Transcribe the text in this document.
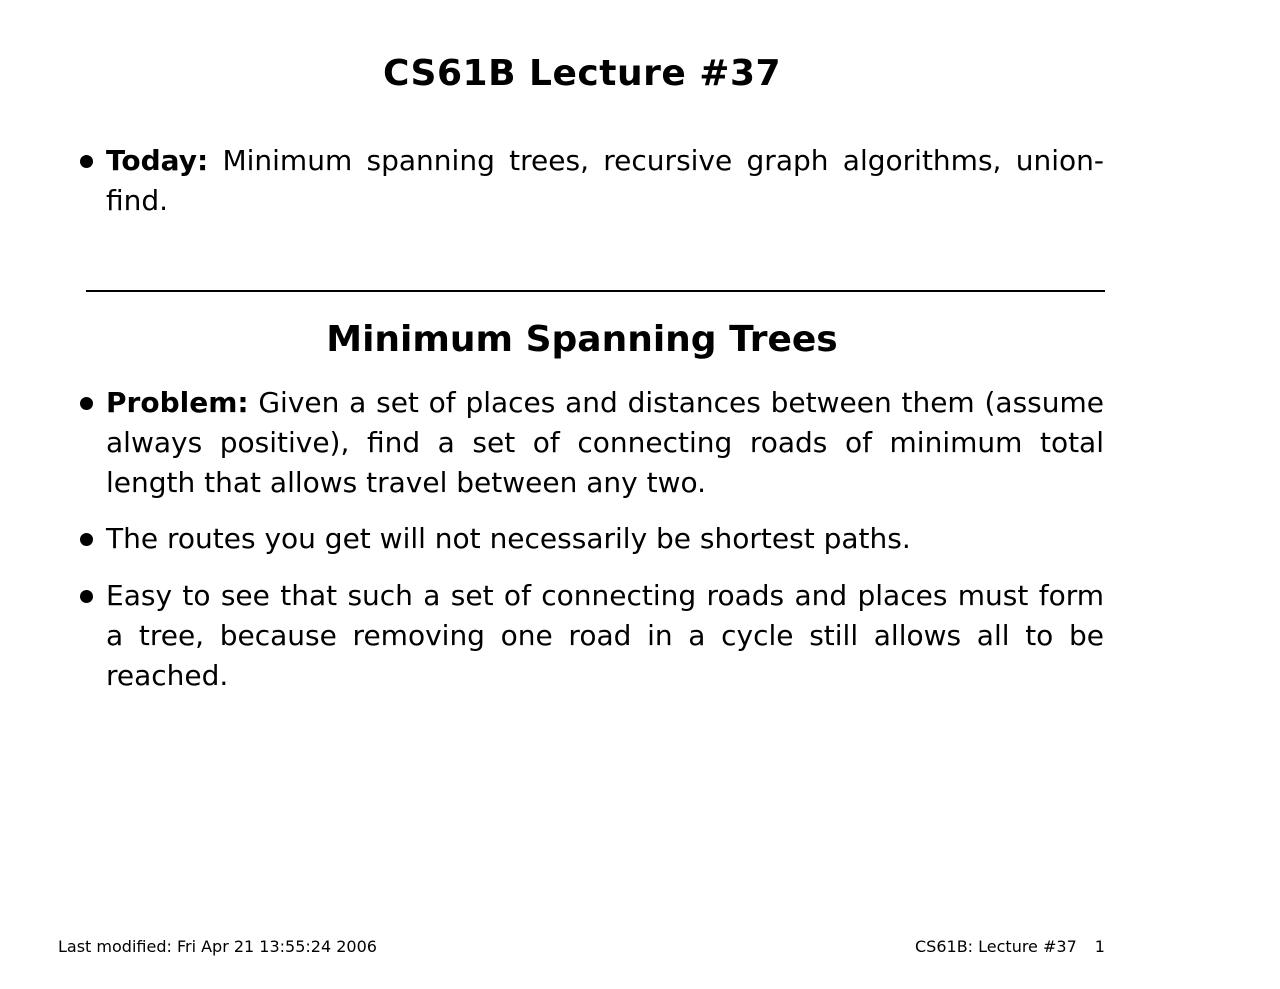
CS61B Lecture #37

Today: Minimum spanning trees, recursive graph algorithms, union-find.

Minimum Spanning Trees

Problem: Given a set of places and distances between them (assume always positive), find a set of connecting roads of minimum total length that allows travel between any two.

The routes you get will not necessarily be shortest paths.

Easy to see that such a set of connecting roads and places must form a tree, because removing one road in a cycle still allows all to be reached.

Last modified: Fri Apr 21 13:55:24 2006	CS61B: Lecture #37 1
